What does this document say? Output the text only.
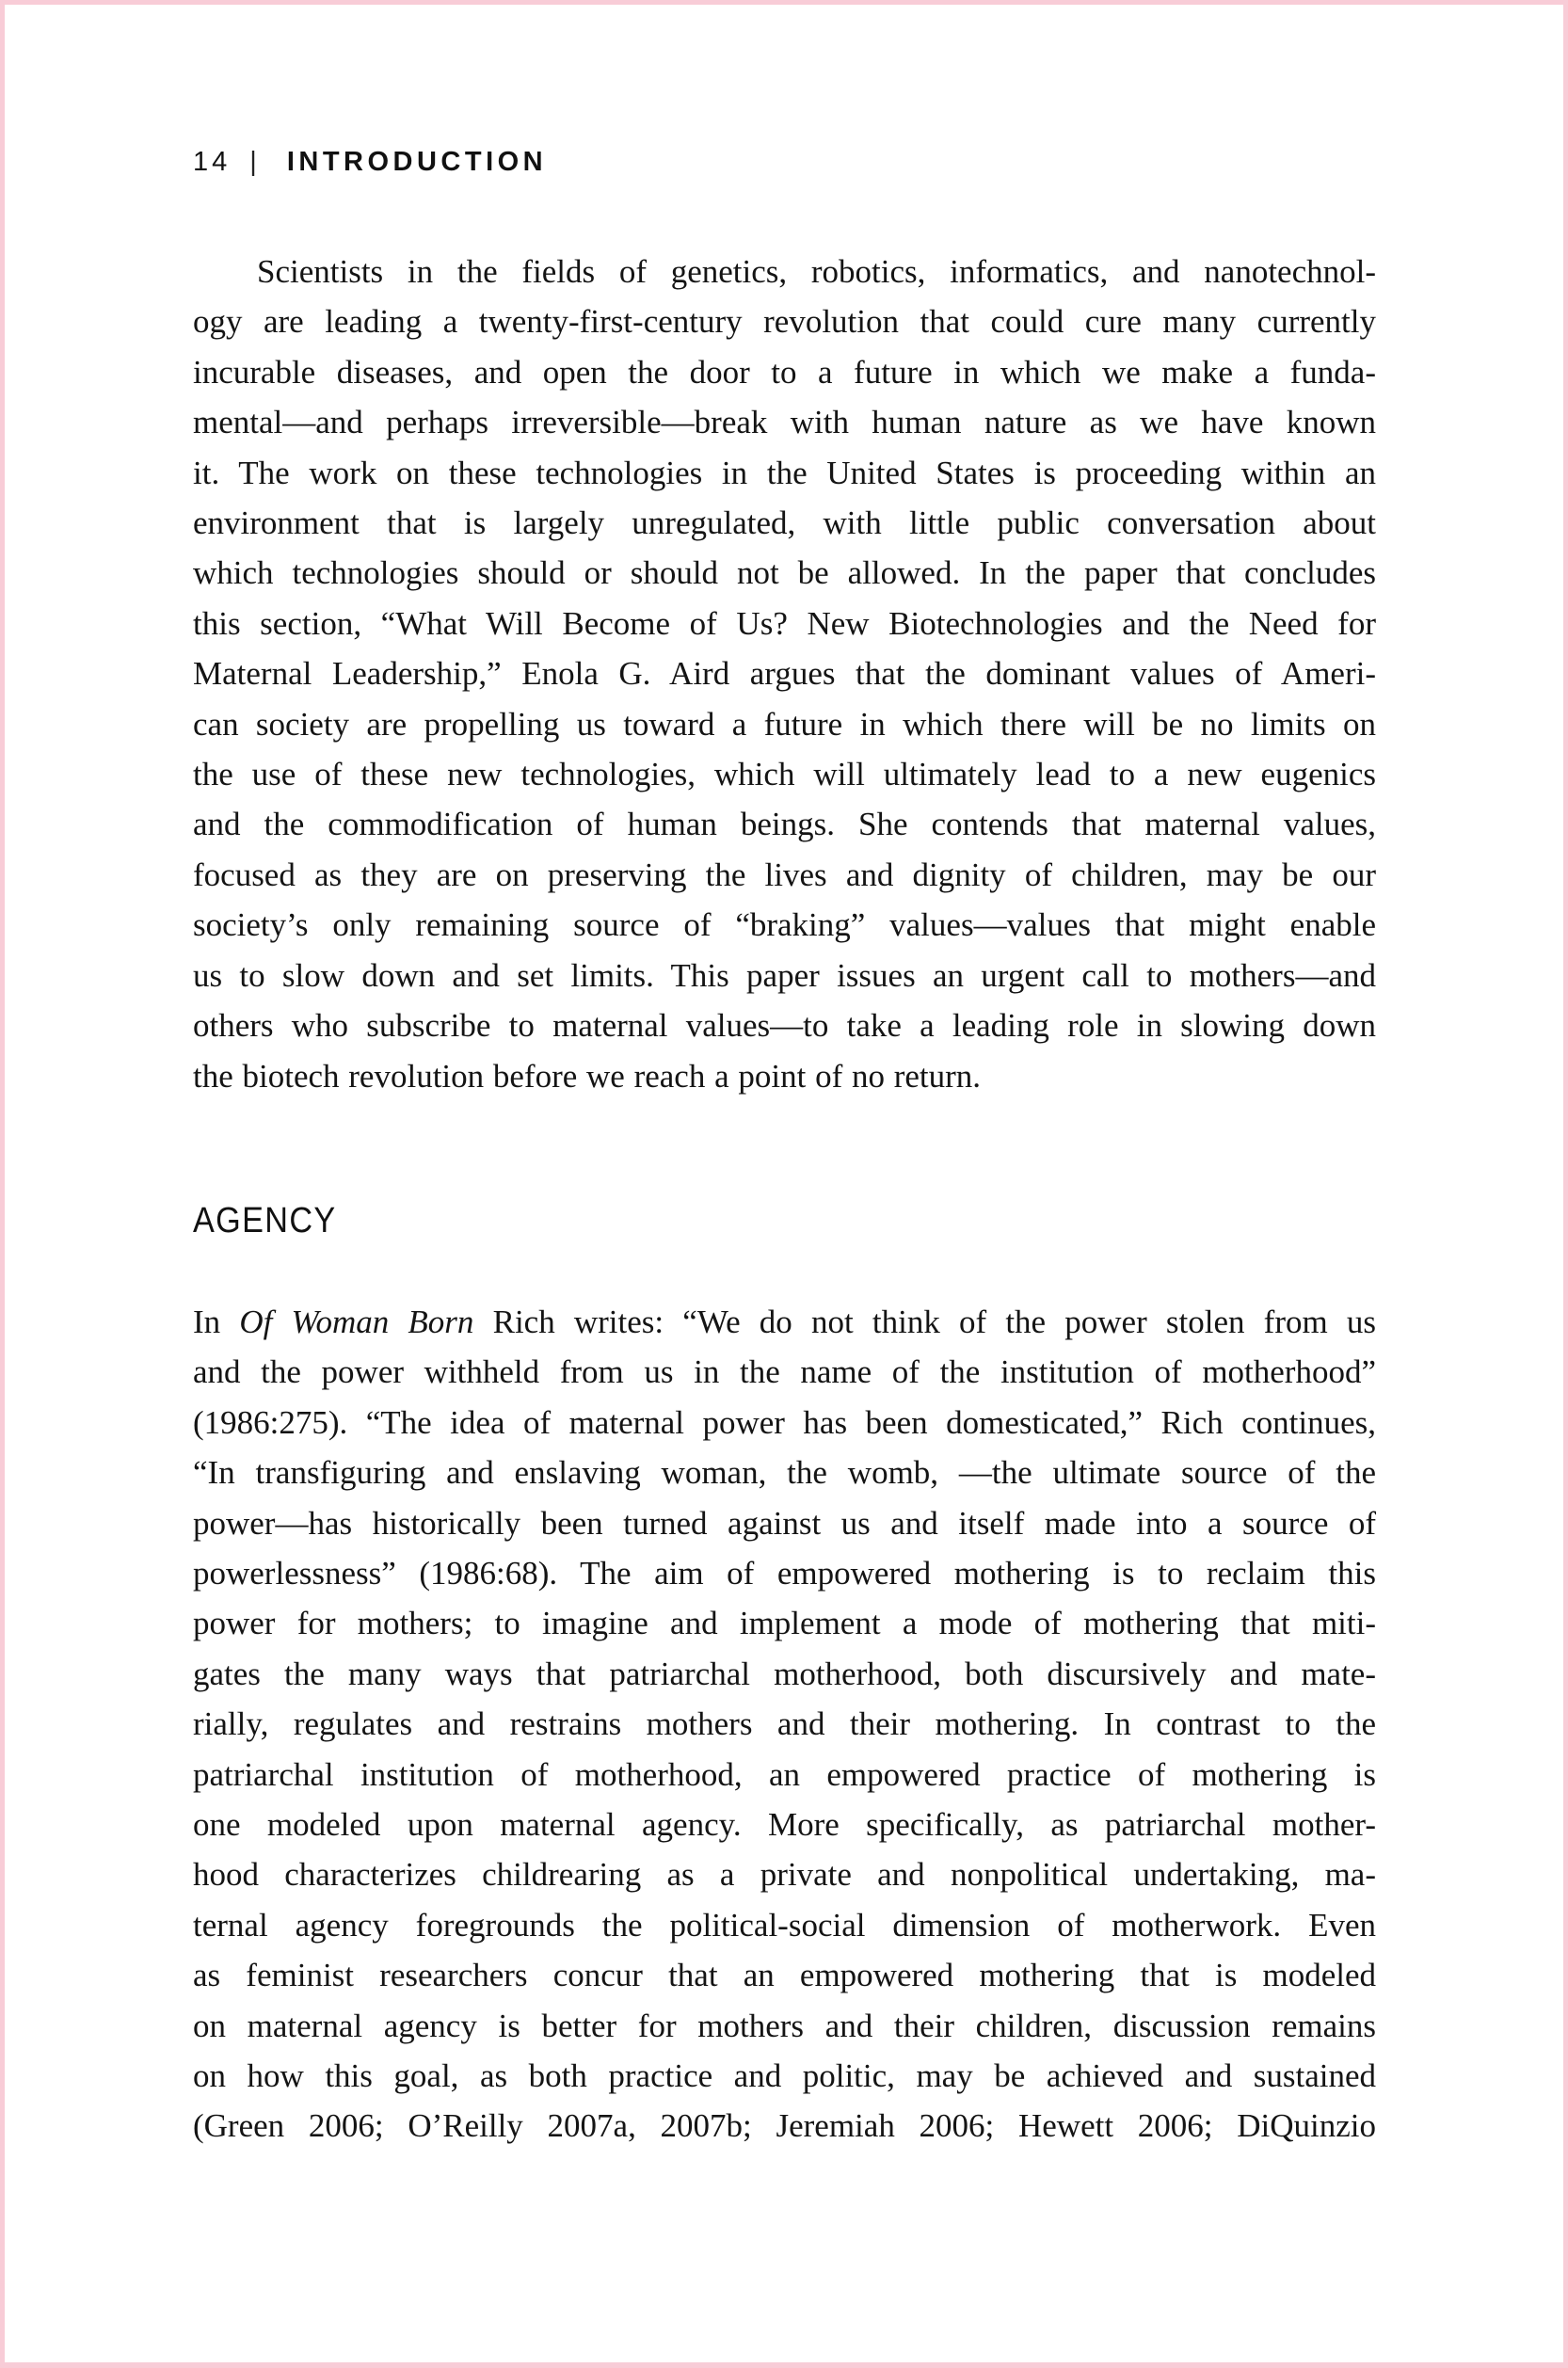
14 | INTRODUCTION
Scientists in the fields of genetics, robotics, informatics, and nanotechnol-
ogy are leading a twenty-first-century revolution that could cure many currently
incurable diseases, and open the door to a future in which we make a funda-
mental—and perhaps irreversible—break with human nature as we have known
it. The work on these technologies in the United States is proceeding within an
environment that is largely unregulated, with little public conversation about
which technologies should or should not be allowed. In the paper that concludes
this section, “What Will Become of Us? New Biotechnologies and the Need for
Maternal Leadership,” Enola G. Aird argues that the dominant values of Ameri-
can society are propelling us toward a future in which there will be no limits on
the use of these new technologies, which will ultimately lead to a new eugenics
and the commodification of human beings. She contends that maternal values,
focused as they are on preserving the lives and dignity of children, may be our
society’s only remaining source of “braking” values—values that might enable
us to slow down and set limits. This paper issues an urgent call to mothers—and
others who subscribe to maternal values—to take a leading role in slowing down
the biotech revolution before we reach a point of no return.
AGENCY
In Of Woman Born Rich writes: “We do not think of the power stolen from us
and the power withheld from us in the name of the institution of motherhood”
(1986:275). “The idea of maternal power has been domesticated,” Rich continues,
“In transfiguring and enslaving woman, the womb, —the ultimate source of the
power—has historically been turned against us and itself made into a source of
powerlessness” (1986:68). The aim of empowered mothering is to reclaim this
power for mothers; to imagine and implement a mode of mothering that miti-
gates the many ways that patriarchal motherhood, both discursively and mate-
rially, regulates and restrains mothers and their mothering. In contrast to the
patriarchal institution of motherhood, an empowered practice of mothering is
one modeled upon maternal agency. More specifically, as patriarchal mother-
hood characterizes childrearing as a private and nonpolitical undertaking, ma-
ternal agency foregrounds the political-social dimension of motherwork. Even
as feminist researchers concur that an empowered mothering that is modeled
on maternal agency is better for mothers and their children, discussion remains
on how this goal, as both practice and politic, may be achieved and sustained
(Green 2006; O’Reilly 2007a, 2007b; Jeremiah 2006; Hewett 2006; DiQuinzio
